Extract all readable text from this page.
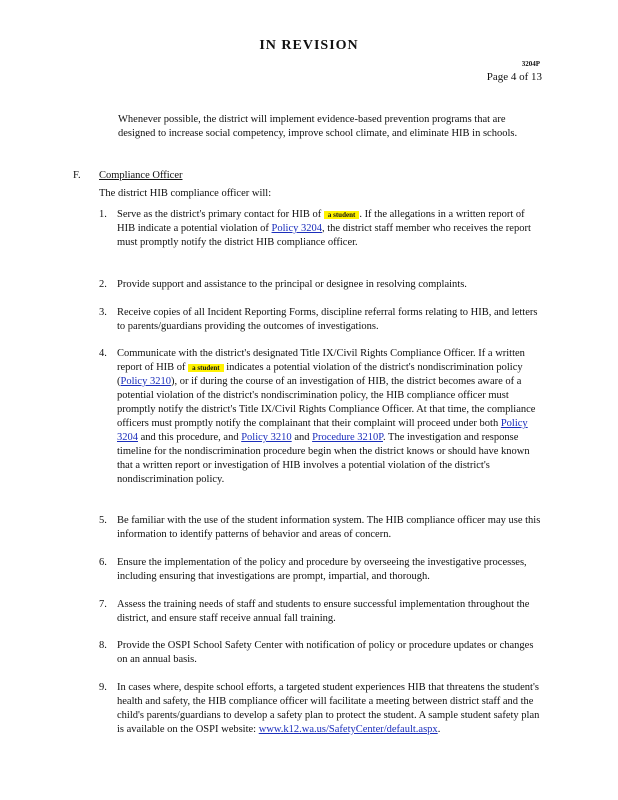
IN REVISION
3204P
Page 4 of 13
Whenever possible, the district will implement evidence-based prevention programs that are designed to increase social competency, improve school climate, and eliminate HIB in schools.
F. Compliance Officer
The district HIB compliance officer will:
1. Serve as the district's primary contact for HIB of a student . If the allegations in a written report of HIB indicate a potential violation of Policy 3204, the district staff member who receives the report must promptly notify the district HIB compliance officer.
2. Provide support and assistance to the principal or designee in resolving complaints.
3. Receive copies of all Incident Reporting Forms, discipline referral forms relating to HIB, and letters to parents/guardians providing the outcomes of investigations.
4. Communicate with the district's designated Title IX/Civil Rights Compliance Officer. If a written report of HIB of a student indicates a potential violation of the district's nondiscrimination policy (Policy 3210), or if during the course of an investigation of HIB, the district becomes aware of a potential violation of the district's nondiscrimination policy, the HIB compliance officer must promptly notify the district's Title IX/Civil Rights Compliance Officer. At that time, the compliance officers must promptly notify the complainant that their complaint will proceed under both Policy 3204 and this procedure, and Policy 3210 and Procedure 3210P. The investigation and response timeline for the nondiscrimination procedure begin when the district knows or should have known that a written report or investigation of HIB involves a potential violation of the district's nondiscrimination policy.
5. Be familiar with the use of the student information system. The HIB compliance officer may use this information to identify patterns of behavior and areas of concern.
6. Ensure the implementation of the policy and procedure by overseeing the investigative processes, including ensuring that investigations are prompt, impartial, and thorough.
7. Assess the training needs of staff and students to ensure successful implementation throughout the district, and ensure staff receive annual fall training.
8. Provide the OSPI School Safety Center with notification of policy or procedure updates or changes on an annual basis.
9. In cases where, despite school efforts, a targeted student experiences HIB that threatens the student's health and safety, the HIB compliance officer will facilitate a meeting between district staff and the child's parents/guardians to develop a safety plan to protect the student. A sample student safety plan is available on the OSPI website: www.k12.wa.us/SafetyCenter/default.aspx.
